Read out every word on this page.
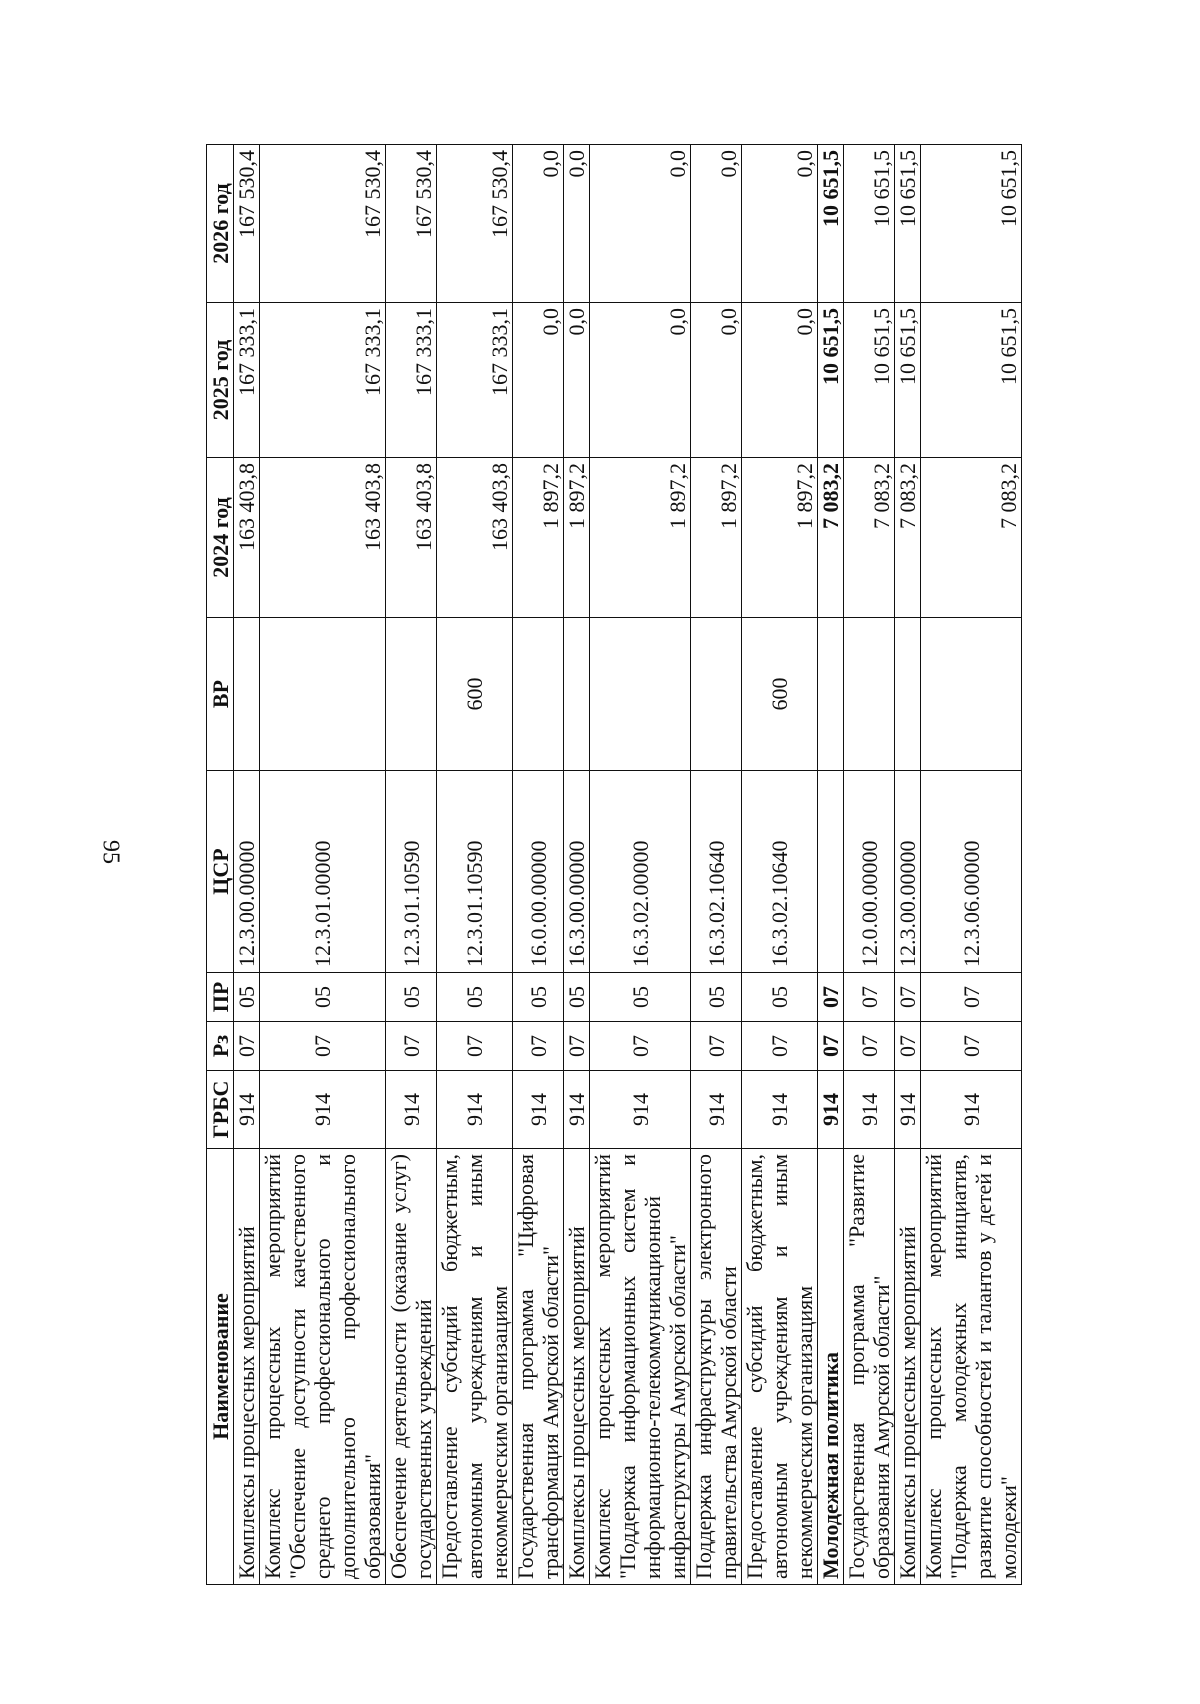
95
Наименование	ГРБС	Рз	ПР	ЦСР	ВР	2024 год	2025 год	2026 год
Комплексы процессных мероприятий	914	07	05	12.3.00.00000		163 403,8	167 333,1	167 530,4
Комплекс процессных мероприятий "Обеспечение доступности качественного среднего профессионального и дополнительного профессионального образования"	914	07	05	12.3.01.00000		163 403,8	167 333,1	167 530,4
Обеспечение деятельности (оказание услуг) государственных учреждений	914	07	05	12.3.01.10590		163 403,8	167 333,1	167 530,4
Предоставление субсидий бюджетным, автономным учреждениям и иным некоммерческим организациям	914	07	05	12.3.01.10590	600	163 403,8	167 333,1	167 530,4
Государственная программа "Цифровая трансформация Амурской области"	914	07	05	16.0.00.00000		1 897,2	0,0	0,0
Комплексы процессных мероприятий	914	07	05	16.3.00.00000		1 897,2	0,0	0,0
Комплекс процессных мероприятий "Поддержка информационных систем и информационно-телекоммуникационной инфраструктуры Амурской области"	914	07	05	16.3.02.00000		1 897,2	0,0	0,0
Поддержка инфраструктуры электронного правительства Амурской области	914	07	05	16.3.02.10640		1 897,2	0,0	0,0
Предоставление субсидий бюджетным, автономным учреждениям и иным некоммерческим организациям	914	07	05	16.3.02.10640	600	1 897,2	0,0	0,0
Молодежная политика	914	07	07			7 083,2	10 651,5	10 651,5
Государственная программа "Развитие образования Амурской области"	914	07	07	12.0.00.00000		7 083,2	10 651,5	10 651,5
Комплексы процессных мероприятий	914	07	07	12.3.00.00000		7 083,2	10 651,5	10 651,5
Комплекс процессных мероприятий "Поддержка молодежных инициатив, развитие способностей и талантов у детей и молодежи"	914	07	07	12.3.06.00000		7 083,2	10 651,5	10 651,5
